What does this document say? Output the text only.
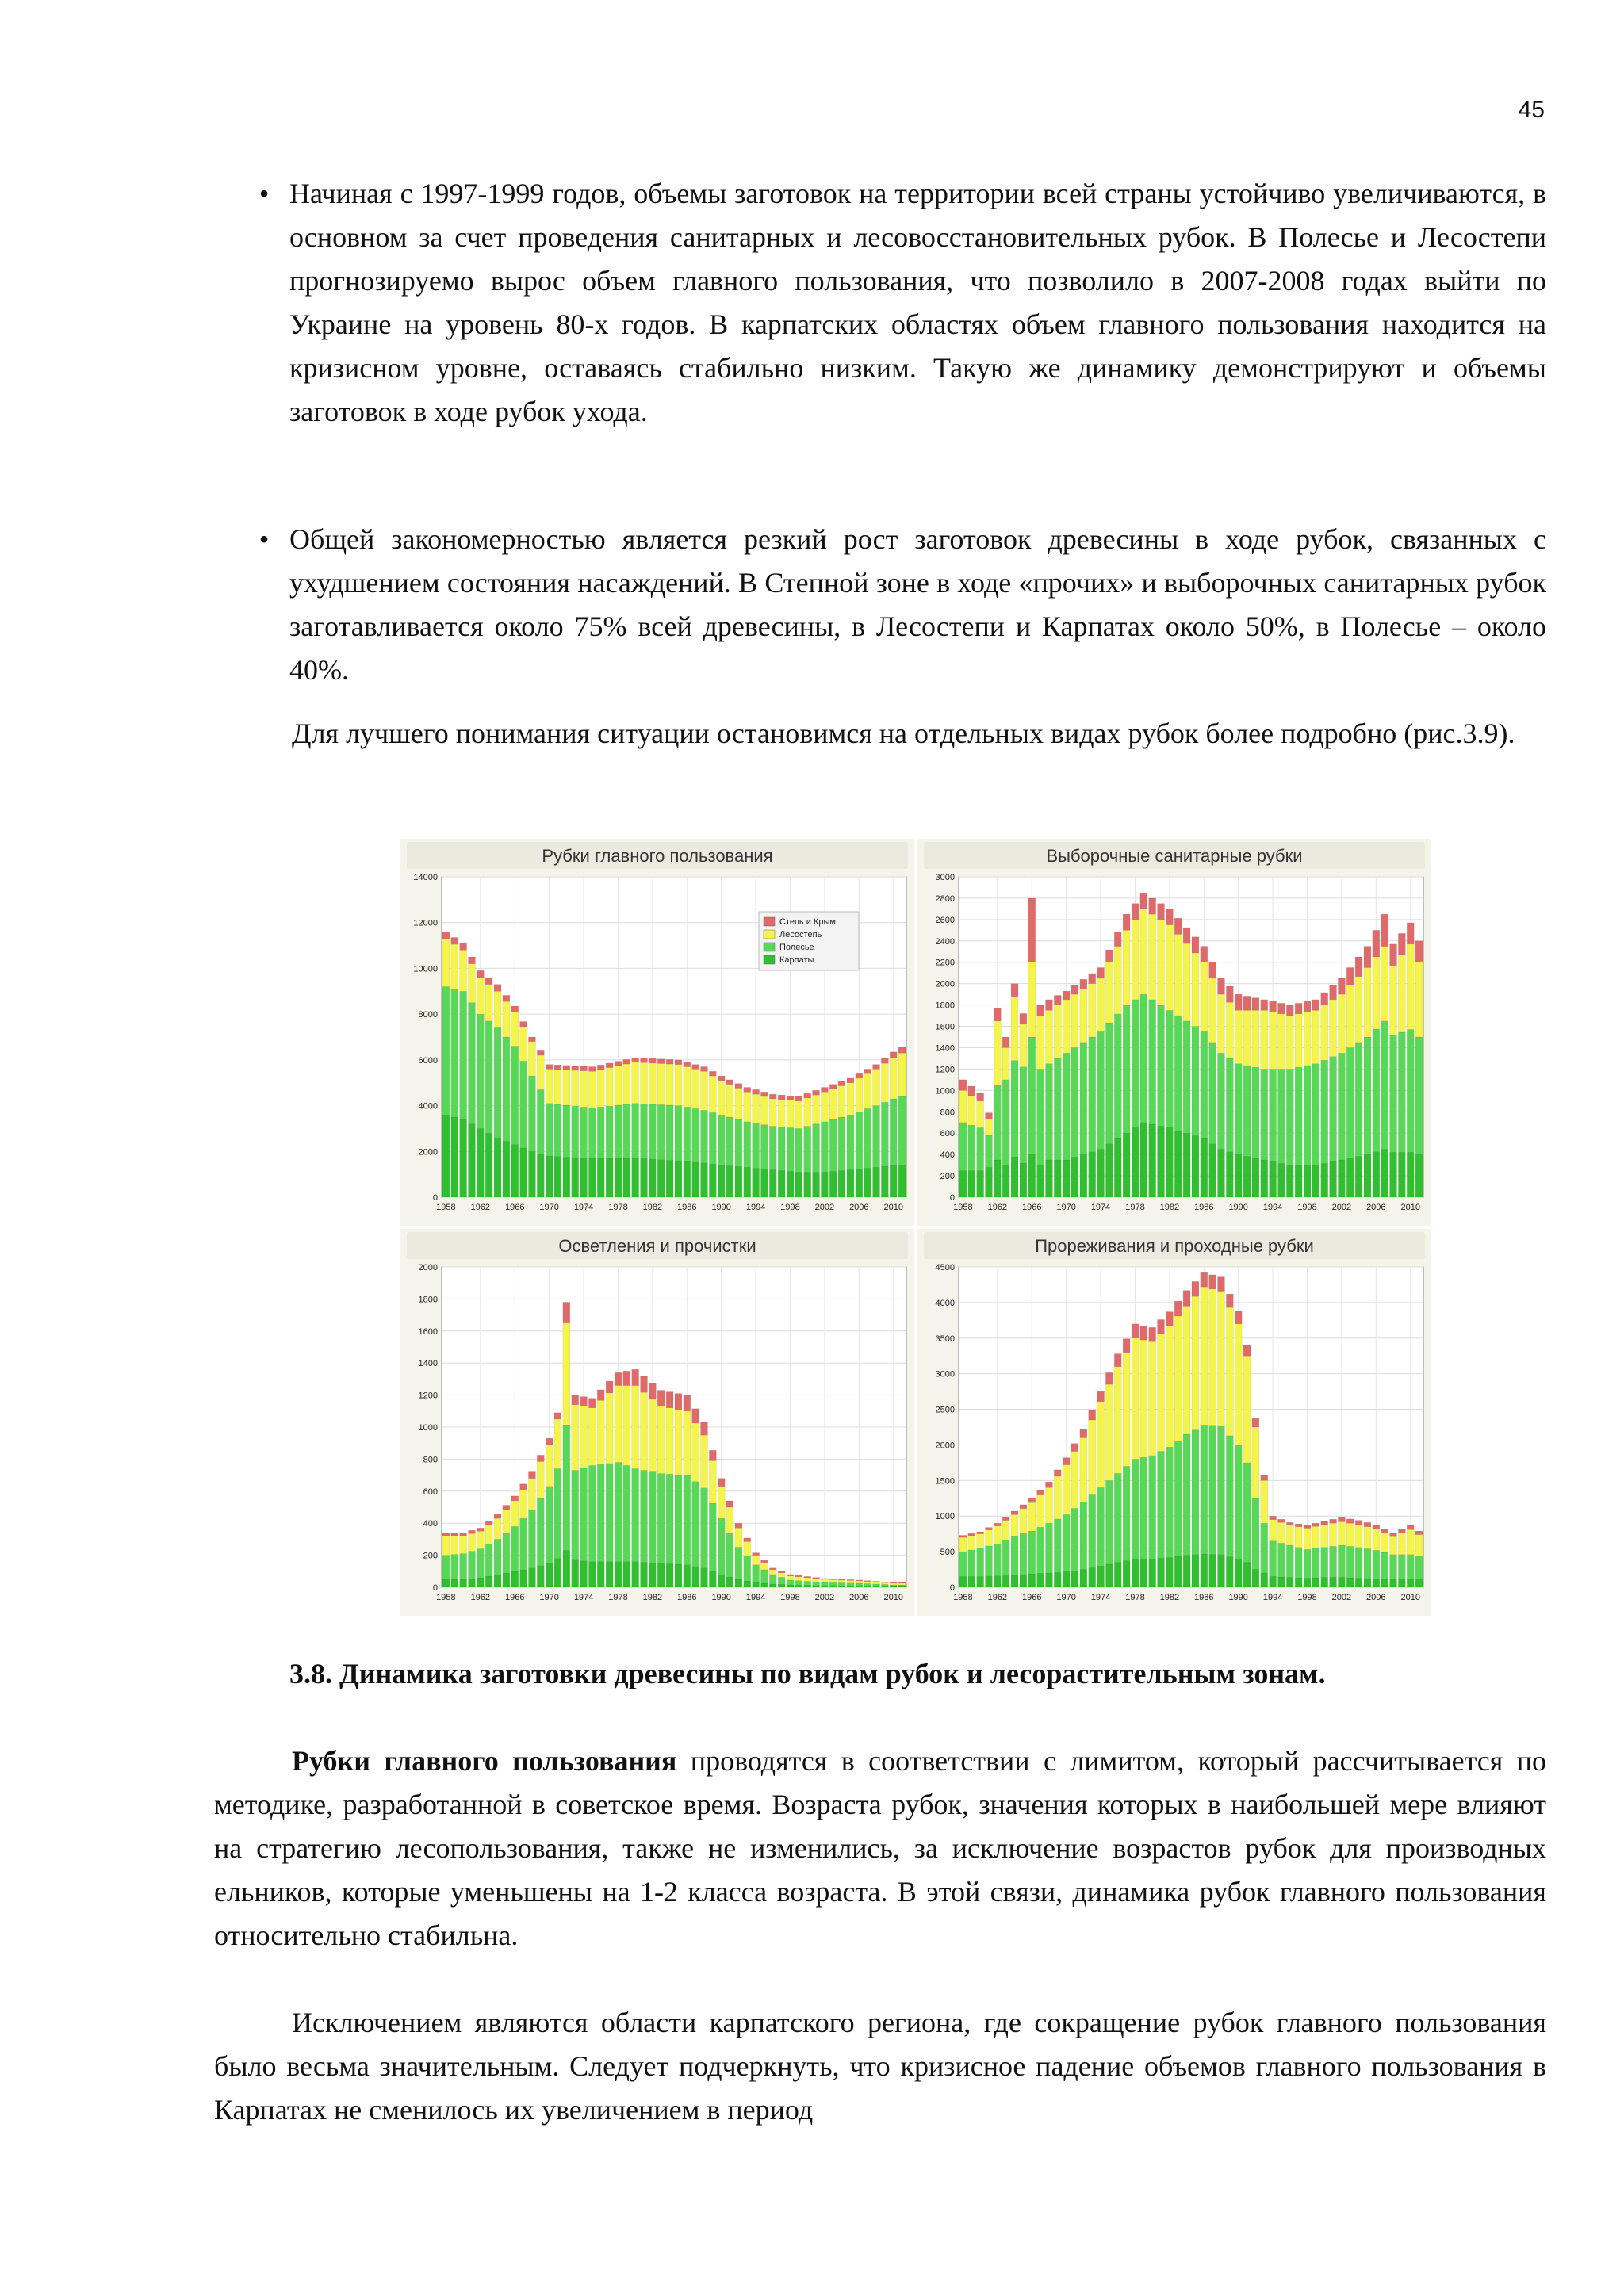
45
• Начиная с 1997-1999 годов, объемы заготовок на территории всей страны устойчиво увеличиваются, в основном за счет проведения санитарных и лесовосстановительных рубок. В Полесье и Лесостепи прогнозируемо вырос объем главного пользования, что позволило в 2007-2008 годах выйти по Украине на уровень 80-х годов. В карпатских областях объем главного пользования находится на кризисном уровне, оставаясь стабильно низким. Такую же динамику демонстрируют и объемы заготовок в ходе рубок ухода.
• Общей закономерностью является резкий рост заготовок древесины в ходе рубок, связанных с ухудшением состояния насаждений. В Степной зоне в ходе «прочих» и выборочных санитарных рубок заготавливается около 75% всей древесины, в Лесостепи и Карпатах около 50%, в Полесье – около 40%.
Для лучшего понимания ситуации остановимся на отдельных видах рубок более подробно (рис.3.9).
Рубки главного пользования
0
2000
4000
6000
8000
10000
12000
14000
1958 1962 1966 1970 1974 1978 1982 1986 1990 1994 1998 2002 2006 2010
Степь и Крым
Лесостепь
Полесье
Карпаты
Выборочные санитарные рубки
0
200
400
600
800
1000
1200
1400
1600
1800
2000
2200
2400
2600
2800
3000
1958 1962 1966 1970 1974 1978 1982 1986 1990 1994 1998 2002 2006 2010
Осветления и прочистки
0
200
400
600
800
1000
1200
1400
1600
1800
2000
1958 1962 1966 1970 1974 1978 1982 1986 1990 1994 1998 2002 2006 2010
Прореживания и проходные рубки
0
500
1000
1500
2000
2500
3000
3500
4000
4500
1958 1962 1966 1970 1974 1978 1982 1986 1990 1994 1998 2002 2006 2010
3.8. Динамика заготовки древесины по видам рубок и лесорастительным зонам.
Рубки главного пользования проводятся в соответствии с лимитом, который рассчитывается по методике, разработанной в советское время. Возраста рубок, значения которых в наибольшей мере влияют на стратегию лесопользования, также не изменились, за исключение возрастов рубок для производных ельников, которые уменьшены на 1-2 класса возраста. В этой связи, динамика рубок главного пользования относительно стабильна.
Исключением являются области карпатского региона, где сокращение рубок главного пользования было весьма значительным. Следует подчеркнуть, что кризисное падение объемов главного пользования в Карпатах не сменилось их увеличением в период
